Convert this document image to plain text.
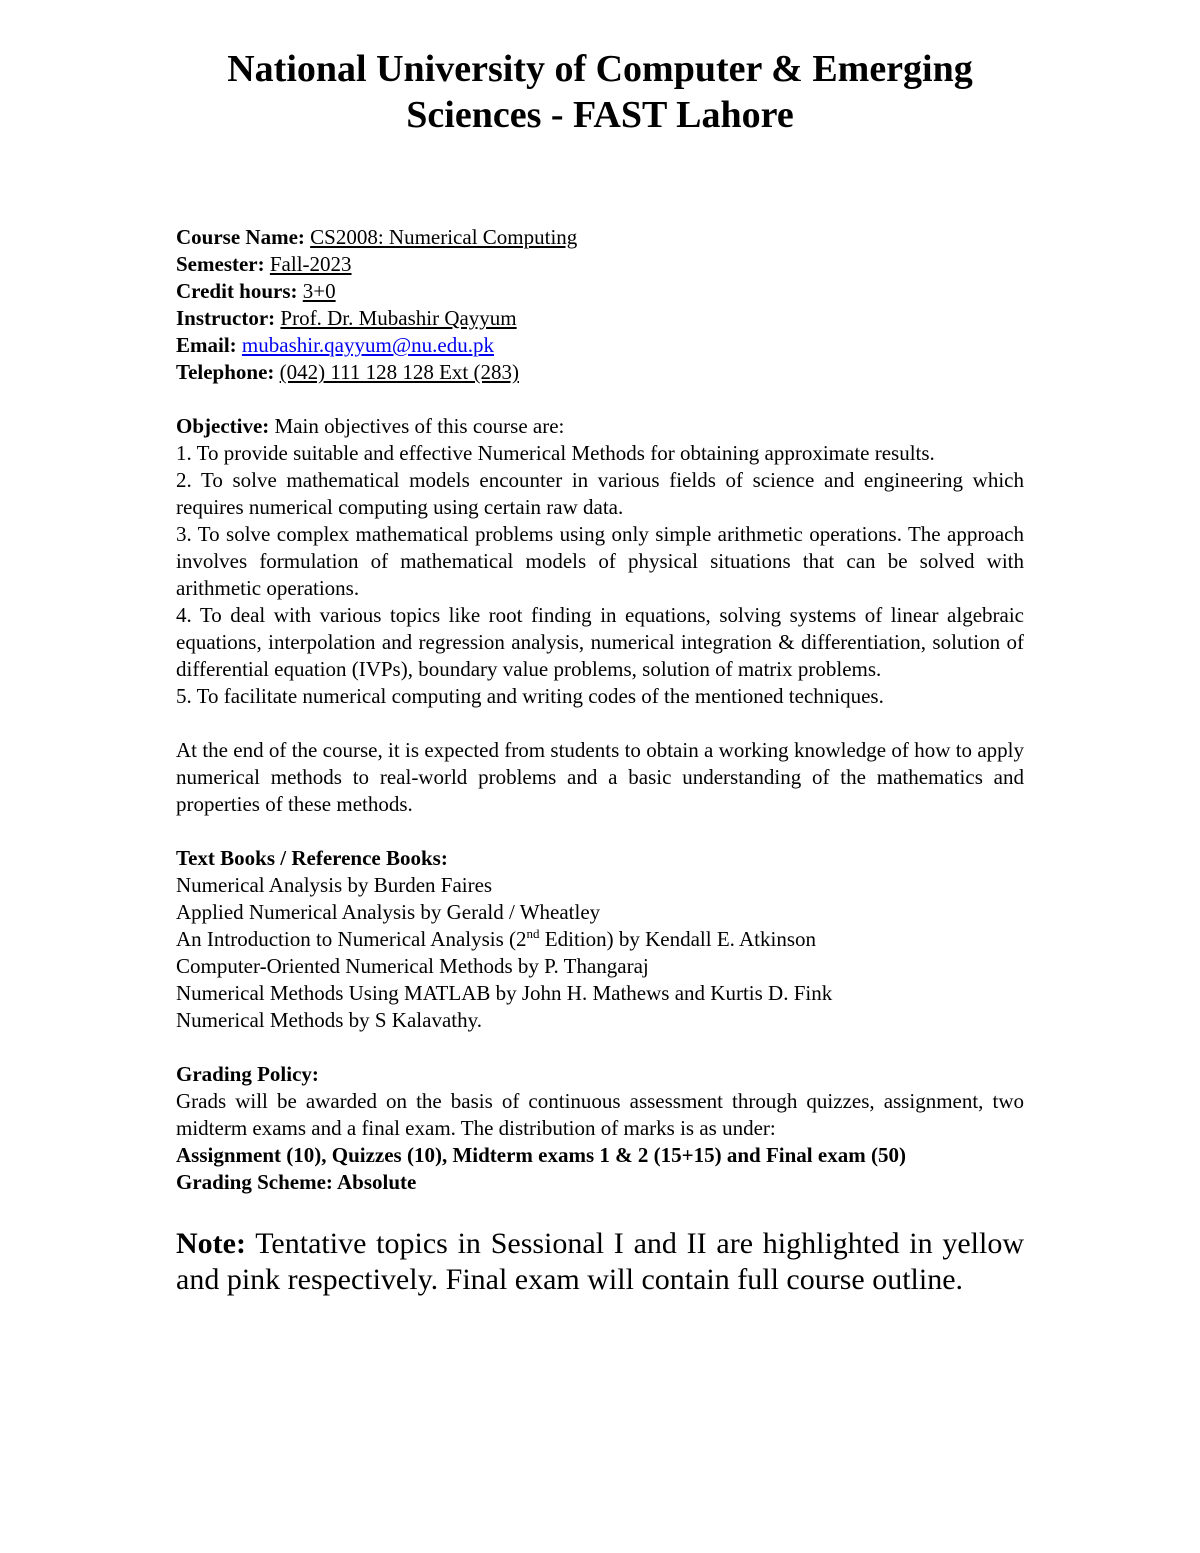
National University of Computer & Emerging
Sciences - FAST Lahore
Course Name: CS2008: Numerical Computing
Semester: Fall-2023
Credit hours: 3+0
Instructor: Prof. Dr. Mubashir Qayyum
Email: mubashir.qayyum@nu.edu.pk
Telephone: (042) 111 128 128 Ext (283)
Objective: Main objectives of this course are:
1. To provide suitable and effective Numerical Methods for obtaining approximate results.
2. To solve mathematical models encounter in various fields of science and engineering which requires numerical computing using certain raw data.
3. To solve complex mathematical problems using only simple arithmetic operations. The approach involves formulation of mathematical models of physical situations that can be solved with arithmetic operations.
4. To deal with various topics like root finding in equations, solving systems of linear algebraic equations, interpolation and regression analysis, numerical integration & differentiation, solution of differential equation (IVPs), boundary value problems, solution of matrix problems.
5. To facilitate numerical computing and writing codes of the mentioned techniques.
At the end of the course, it is expected from students to obtain a working knowledge of how to apply numerical methods to real-world problems and a basic understanding of the mathematics and properties of these methods.
Text Books / Reference Books:
Numerical Analysis by Burden Faires
Applied Numerical Analysis by Gerald / Wheatley
An Introduction to Numerical Analysis (2nd Edition) by Kendall E. Atkinson
Computer-Oriented Numerical Methods by P. Thangaraj
Numerical Methods Using MATLAB by John H. Mathews and Kurtis D. Fink
Numerical Methods by S Kalavathy.
Grading Policy:
Grads will be awarded on the basis of continuous assessment through quizzes, assignment, two midterm exams and a final exam. The distribution of marks is as under:
Assignment (10), Quizzes (10), Midterm exams 1 & 2 (15+15) and Final exam (50)
Grading Scheme: Absolute
Note: Tentative topics in Sessional I and II are highlighted in yellow and pink respectively. Final exam will contain full course outline.
